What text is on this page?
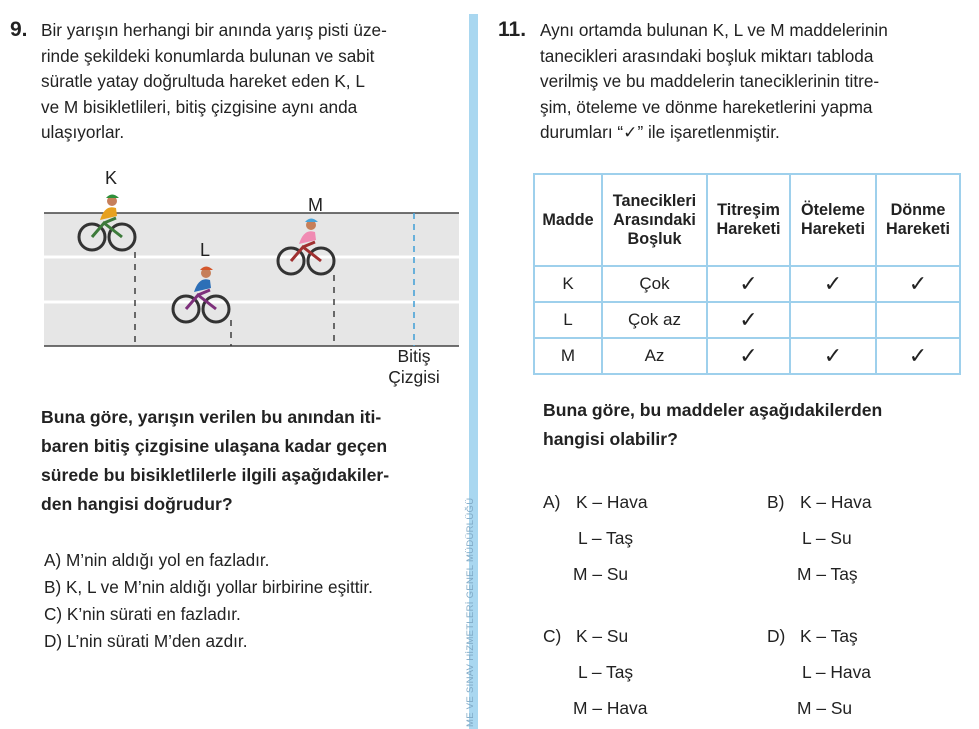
9. Bir yarışın herhangi bir anında yarış pisti üze-
rinde şekildeki konumlarda bulunan ve sabit
süratle yatay doğrultuda hareket eden K, L
ve M bisikletlileri, bitiş çizgisine aynı anda
ulaşıyorlar.
K
L
M
Bitiş
Çizgisi
Buna göre, yarışın verilen bu anından iti-
baren bitiş çizgisine ulaşana kadar geçen
sürede bu bisikletlilerle ilgili aşağıdakiler-
den hangisi doğrudur?
A) M’nin aldığı yol en fazladır.
B) K, L ve M’nin aldığı yollar birbirine eşittir.
C) K’nin sürati en fazladır.
D) L’nin sürati M’den azdır.	ME VE SINAV HİZMETLERİ GENEL MÜDÜRLÜĞÜ
11. Aynı ortamda bulunan K, L ve M maddelerinin
tanecikleri arasındaki boşluk miktarı tabloda
verilmiş ve bu maddelerin taneciklerinin titre-
şim, öteleme ve dönme hareketlerini yapma
durumları “✓” ile işaretlenmiştir.
Madde	Tanecikleri Arasındaki Boşluk	Titreşim Hareketi	Öteleme Hareketi	Dönme Hareketi
K	Çok	✓	✓	✓
L	Çok az	✓		
M	Az	✓	✓	✓
Buna göre, bu maddeler aşağıdakilerden
hangisi olabilir?
A) K – Hava
L – Taş
M – Su
B) K – Hava
L – Su
M – Taş
C) K – Su
L – Taş
M – Hava
D) K – Taş
L – Hava
M – Su
